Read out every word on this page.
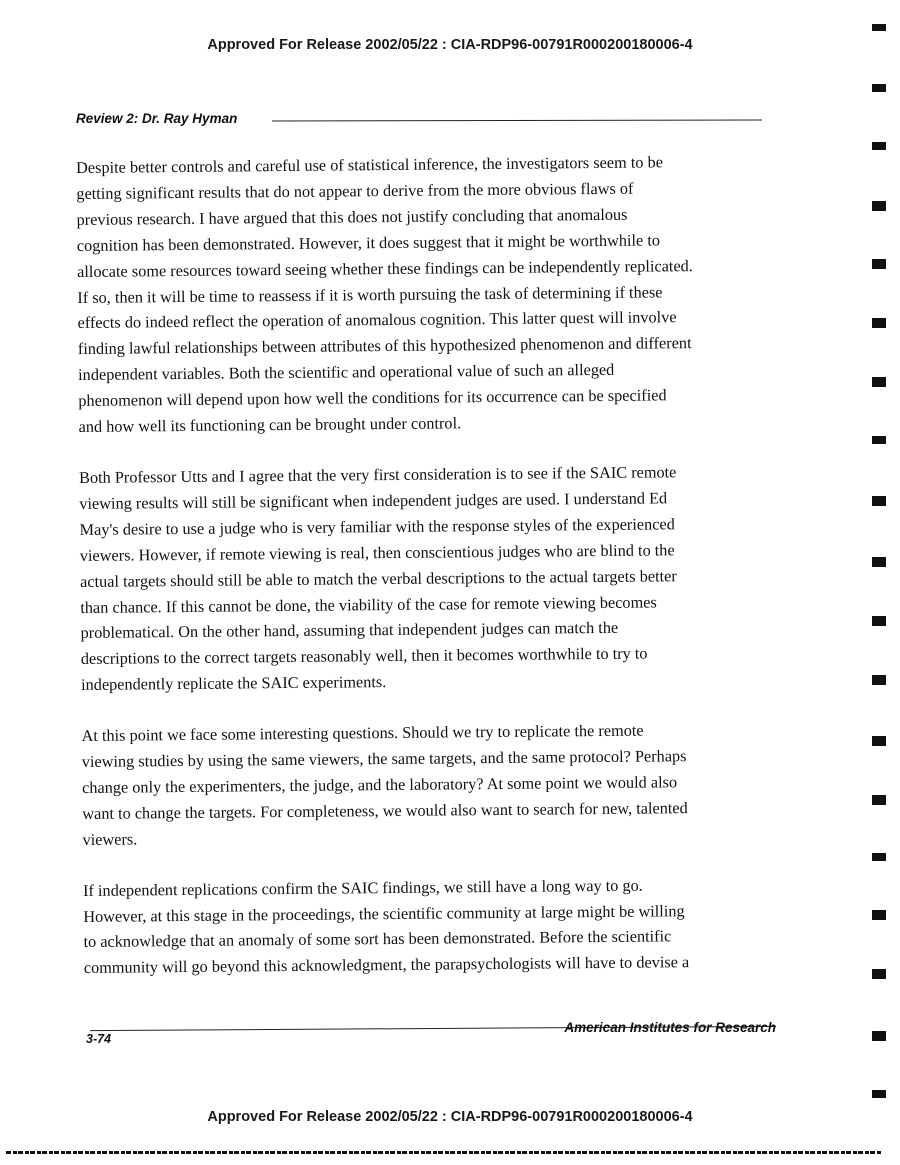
Approved For Release 2002/05/22 : CIA-RDP96-00791R000200180006-4
Review 2: Dr. Ray Hyman
Despite better controls and careful use of statistical inference, the investigators seem to be
getting significant results that do not appear to derive from the more obvious flaws of
previous research. I have argued that this does not justify concluding that anomalous
cognition has been demonstrated. However, it does suggest that it might be worthwhile to
allocate some resources toward seeing whether these findings can be independently replicated.
If so, then it will be time to reassess if it is worth pursuing the task of determining if these
effects do indeed reflect the operation of anomalous cognition. This latter quest will involve
finding lawful relationships between attributes of this hypothesized phenomenon and different
independent variables. Both the scientific and operational value of such an alleged
phenomenon will depend upon how well the conditions for its occurrence can be specified
and how well its functioning can be brought under control.
Both Professor Utts and I agree that the very first consideration is to see if the SAIC remote
viewing results will still be significant when independent judges are used. I understand Ed
May's desire to use a judge who is very familiar with the response styles of the experienced
viewers. However, if remote viewing is real, then conscientious judges who are blind to the
actual targets should still be able to match the verbal descriptions to the actual targets better
than chance. If this cannot be done, the viability of the case for remote viewing becomes
problematical. On the other hand, assuming that independent judges can match the
descriptions to the correct targets reasonably well, then it becomes worthwhile to try to
independently replicate the SAIC experiments.
At this point we face some interesting questions. Should we try to replicate the remote
viewing studies by using the same viewers, the same targets, and the same protocol? Perhaps
change only the experimenters, the judge, and the laboratory? At some point we would also
want to change the targets. For completeness, we would also want to search for new, talented
viewers.
If independent replications confirm the SAIC findings, we still have a long way to go.
However, at this stage in the proceedings, the scientific community at large might be willing
to acknowledge that an anomaly of some sort has been demonstrated. Before the scientific
community will go beyond this acknowledgment, the parapsychologists will have to devise a
3-74
American Institutes for Research
Approved For Release 2002/05/22 : CIA-RDP96-00791R000200180006-4
